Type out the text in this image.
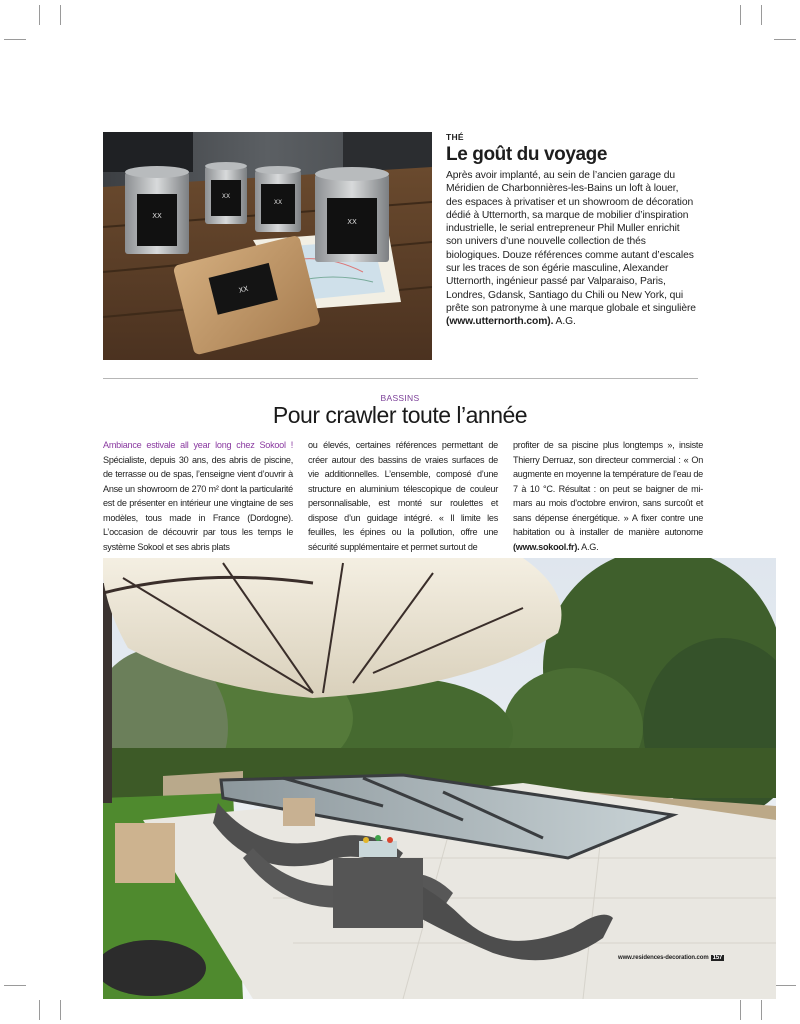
XX
XX
XX
XX
XX
THÉ
Le goût du voyage

Après avoir implanté, au sein de l’ancien garage du Méridien de Charbonnières-les-Bains un loft à louer, des espaces à privatiser et un showroom de décoration dédié à Utternorth, sa marque de mobilier d’inspiration industrielle, le serial entrepreneur Phil Muller enrichit son univers d’une nouvelle collection de thés biologiques. Douze références comme autant d’escales sur les traces de son égérie masculine, Alexander Utternorth, ingénieur passé par Valparaiso, Paris, Londres, Gdansk, Santiago du Chili ou New York, qui prête son patronyme à une marque globale et singulière (www.utternorth.com). A.G.

BASSINS
Pour crawler toute l’année
Ambiance estivale all year long chez Sokool ! Spécialiste, depuis 30 ans, des abris de piscine, de terrasse ou de spas, l’enseigne vient d’ouvrir à Anse un showroom de 270 m² dont la particularité est de présenter en intérieur une vingtaine de ses modèles, tous made in France (Dordogne). L’occasion de découvrir par tous les temps le système Sokool et ses abris plats
ou élevés, certaines références permettant de créer autour des bassins de vraies surfaces de vie additionnelles. L’ensemble, composé d’une structure en aluminium télescopique de couleur personnalisable, est monté sur roulettes et dispose d’un guidage intégré. « Il limite les feuilles, les épines ou la pollution, offre une sécurité supplémentaire et permet surtout de
profiter de sa piscine plus longtemps », insiste Thierry Derruaz, son directeur commercial : « On augmente en moyenne la température de l’eau de 7 à 10 °C. Résultat : on peut se baigner de mi-mars au mois d’octobre environ, sans surcoût et sans dépense énergétique. » A fixer contre une habitation ou à installer de manière autonome (www.sokool.fr). A.G.
www.residences-decoration.com 157
